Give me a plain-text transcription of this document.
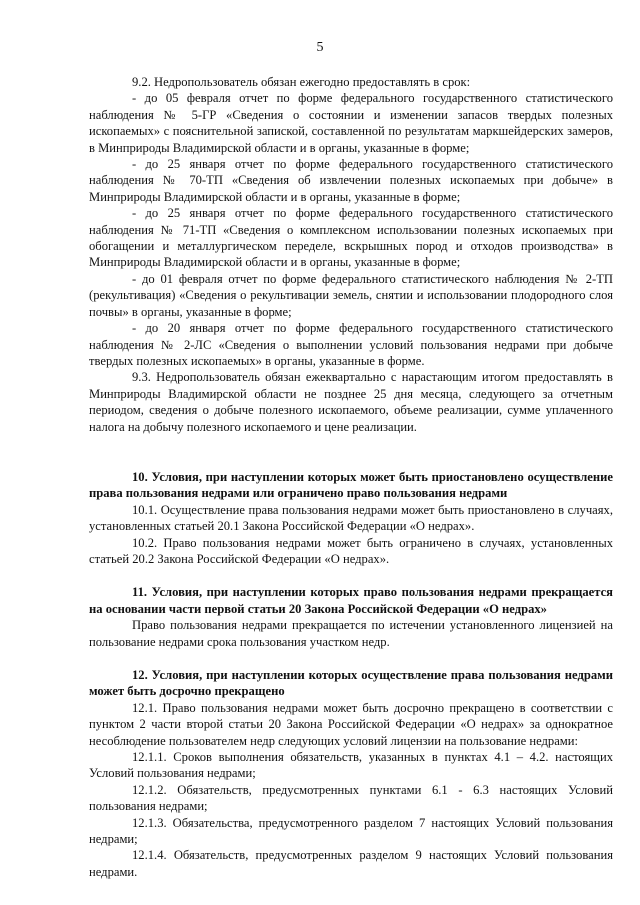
5

9.2. Недропользователь обязан ежегодно предоставлять в срок:

- до 05 февраля отчет по форме федерального государственного статистического наблюдения № 5-ГР «Сведения о состоянии и изменении запасов твердых полезных ископаемых» с пояснительной запиской, составленной по результатам маркшейдерских замеров, в Минприроды Владимирской области и в органы, указанные в форме;

- до 25 января отчет по форме федерального государственного статистического наблюдения № 70-ТП «Сведения об извлечении полезных ископаемых при добыче» в Минприроды Владимирской области и в органы, указанные в форме;

- до 25 января отчет по форме федерального государственного статистического наблюдения № 71-ТП «Сведения о комплексном использовании полезных ископаемых при обогащении и металлургическом переделе, вскрышных пород и отходов производства» в Минприроды Владимирской области и в органы, указанные в форме;

- до 01 февраля отчет по форме федерального статистического наблюдения № 2-ТП (рекультивация) «Сведения о рекультивации земель, снятии и использовании плодородного слоя почвы» в органы, указанные в форме;

- до 20 января отчет по форме федерального государственного статистического наблюдения № 2-ЛС «Сведения о выполнении условий пользования недрами при добыче твердых полезных ископаемых» в органы, указанные в форме.

9.3. Недропользователь обязан ежеквартально с нарастающим итогом предоставлять в Минприроды Владимирской области не позднее 25 дня месяца, следующего за отчетным периодом, сведения о добыче полезного ископаемого, объеме реализации, сумме уплаченного налога на добычу полезного ископаемого и цене реализации.

10. Условия, при наступлении которых может быть приостановлено осуществление права пользования недрами или ограничено право пользования недрами

10.1. Осуществление права пользования недрами может быть приостановлено в случаях, установленных статьей 20.1 Закона Российской Федерации «О недрах».

10.2. Право пользования недрами может быть ограничено в случаях, установленных статьей 20.2 Закона Российской Федерации «О недрах».

11. Условия, при наступлении которых право пользования недрами прекращается на основании части первой статьи 20 Закона Российской Федерации «О недрах»

Право пользования недрами прекращается по истечении установленного лицензией на пользование недрами срока пользования участком недр.

12. Условия, при наступлении которых осуществление права пользования недрами может быть досрочно прекращено

12.1. Право пользования недрами может быть досрочно прекращено в соответствии с пунктом 2 части второй статьи 20 Закона Российской Федерации «О недрах» за однократное несоблюдение пользователем недр следующих условий лицензии на пользование недрами:

12.1.1. Сроков выполнения обязательств, указанных в пунктах 4.1 – 4.2. настоящих Условий пользования недрами;

12.1.2. Обязательств, предусмотренных пунктами 6.1 - 6.3 настоящих Условий пользования недрами;

12.1.3. Обязательства, предусмотренного разделом 7 настоящих Условий пользования недрами;

12.1.4. Обязательств, предусмотренных разделом 9 настоящих Условий пользования недрами.
